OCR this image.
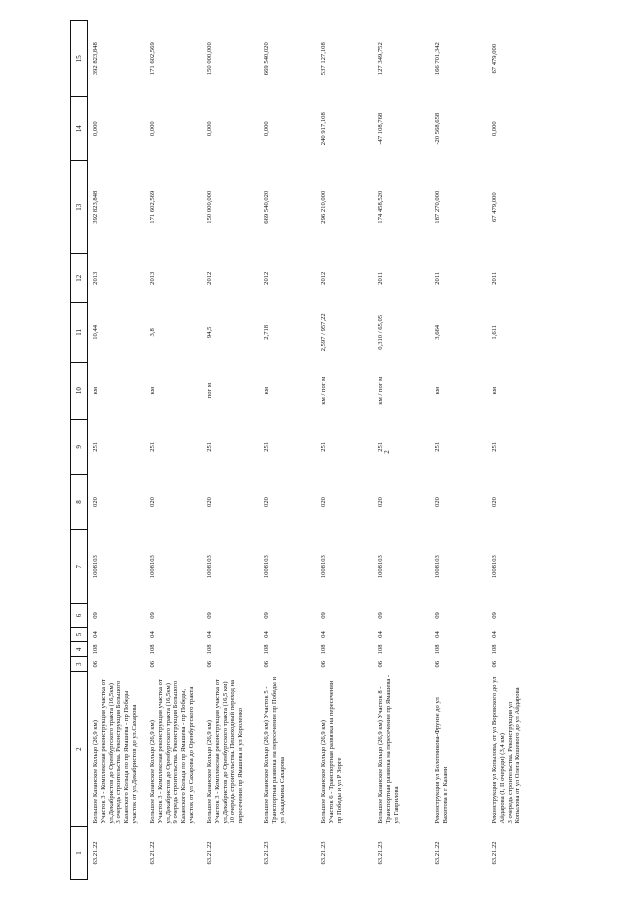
1	2	3	4	5	6	7	8	9	10	11	12	13	14	15
63.21.22	Большое Казанское Кольцо (26,9 км)
Участок 3 - Комплексная реконструкция участка от ул.Декабристов до Оренбургского тракта (16,5км)
3 очередь строительства. Реконструкция Большого Казанского Кольца по пр Ямашева - пр Победы участок от ул.Декабристов до ул.Сахарова	06	108	04	09	1008103	020	251	км	10,44	2013	392 823,848	0,000	392 823,848
63.21.22	Большое Казанское Кольцо (26,9 км)
Участок 3 - Комплексная реконструкция участка от ул.Декабристов до Оренбургского тракта (16,5км)
9 очередь строительства. Реконструкция Большого Казанского Кольца по пр Ямашева - пр Победы, участок от ул Сахарова до Оренбургского тракта	06	108	04	09	1008103	020	251	км	3,8	2013	171 602,569	0,000	171 602,569
63.21.22	Большое Казанское Кольцо (26,9 км)
Участок 3 - Комплексная реконструкция участка от ул.Декабристов до Оренбургского тракта (16,5 км)
10 очередь строительства. Пешеходный переход на пересечении пр Ямашева и ул Короленко	06	108	04	09	1008103	020	251	пог м	94,5	2012	150 000,000	0,000	150 000,000
63.21.23	Большое Казанское Кольцо (26,9 км) Участок 5 - Транспортная развязка на пересечении пр Победы и ул Академика Сахарова	06	108	04	09	1008103	020	251	км	2,718	2012	669 540,020	0,000	669 540,020
63.21.23	Большое Казанское Кольцо (26,9 км)
Участок 6 - Транспортная развязка на пересечении пр Победы и ул Р Зорге	06	108	04	09	1008103	020	251	км / пог м	2,597 / 957,22	2012	296 210,000	240 917,108	537 127,108
63.21.23	Большое Казанское Кольцо (26,9 км) Участок 8 - Транспортная развязка на пересечении пр Ямашева - ул Гаврилова	06	108	04	09	1008103	020	251	км / пог м	0,310 / 65,05	2011	174 458,520	-47 108,768	127 349,752
63.21.22	Реконструкция ул Болотникова-Фрунзе до ул Вахитова в г Казани	06	108	04	09	1008103	020	251	км	3,664	2011	187 270,000	-20 568,658	166 701,342
63.21.22	Реконструкция ул Копылова, от ул Воровского до ул Айдарова (I, II очереди) (3,4 км)
3 очередь строительства. Реконструкция ул Копылова от ул Олега Кошевого до ул Айдарова	06	108	04	09	1008103	020	251	км	1,611	2011	67 479,000	0,000	67 479,000
2
